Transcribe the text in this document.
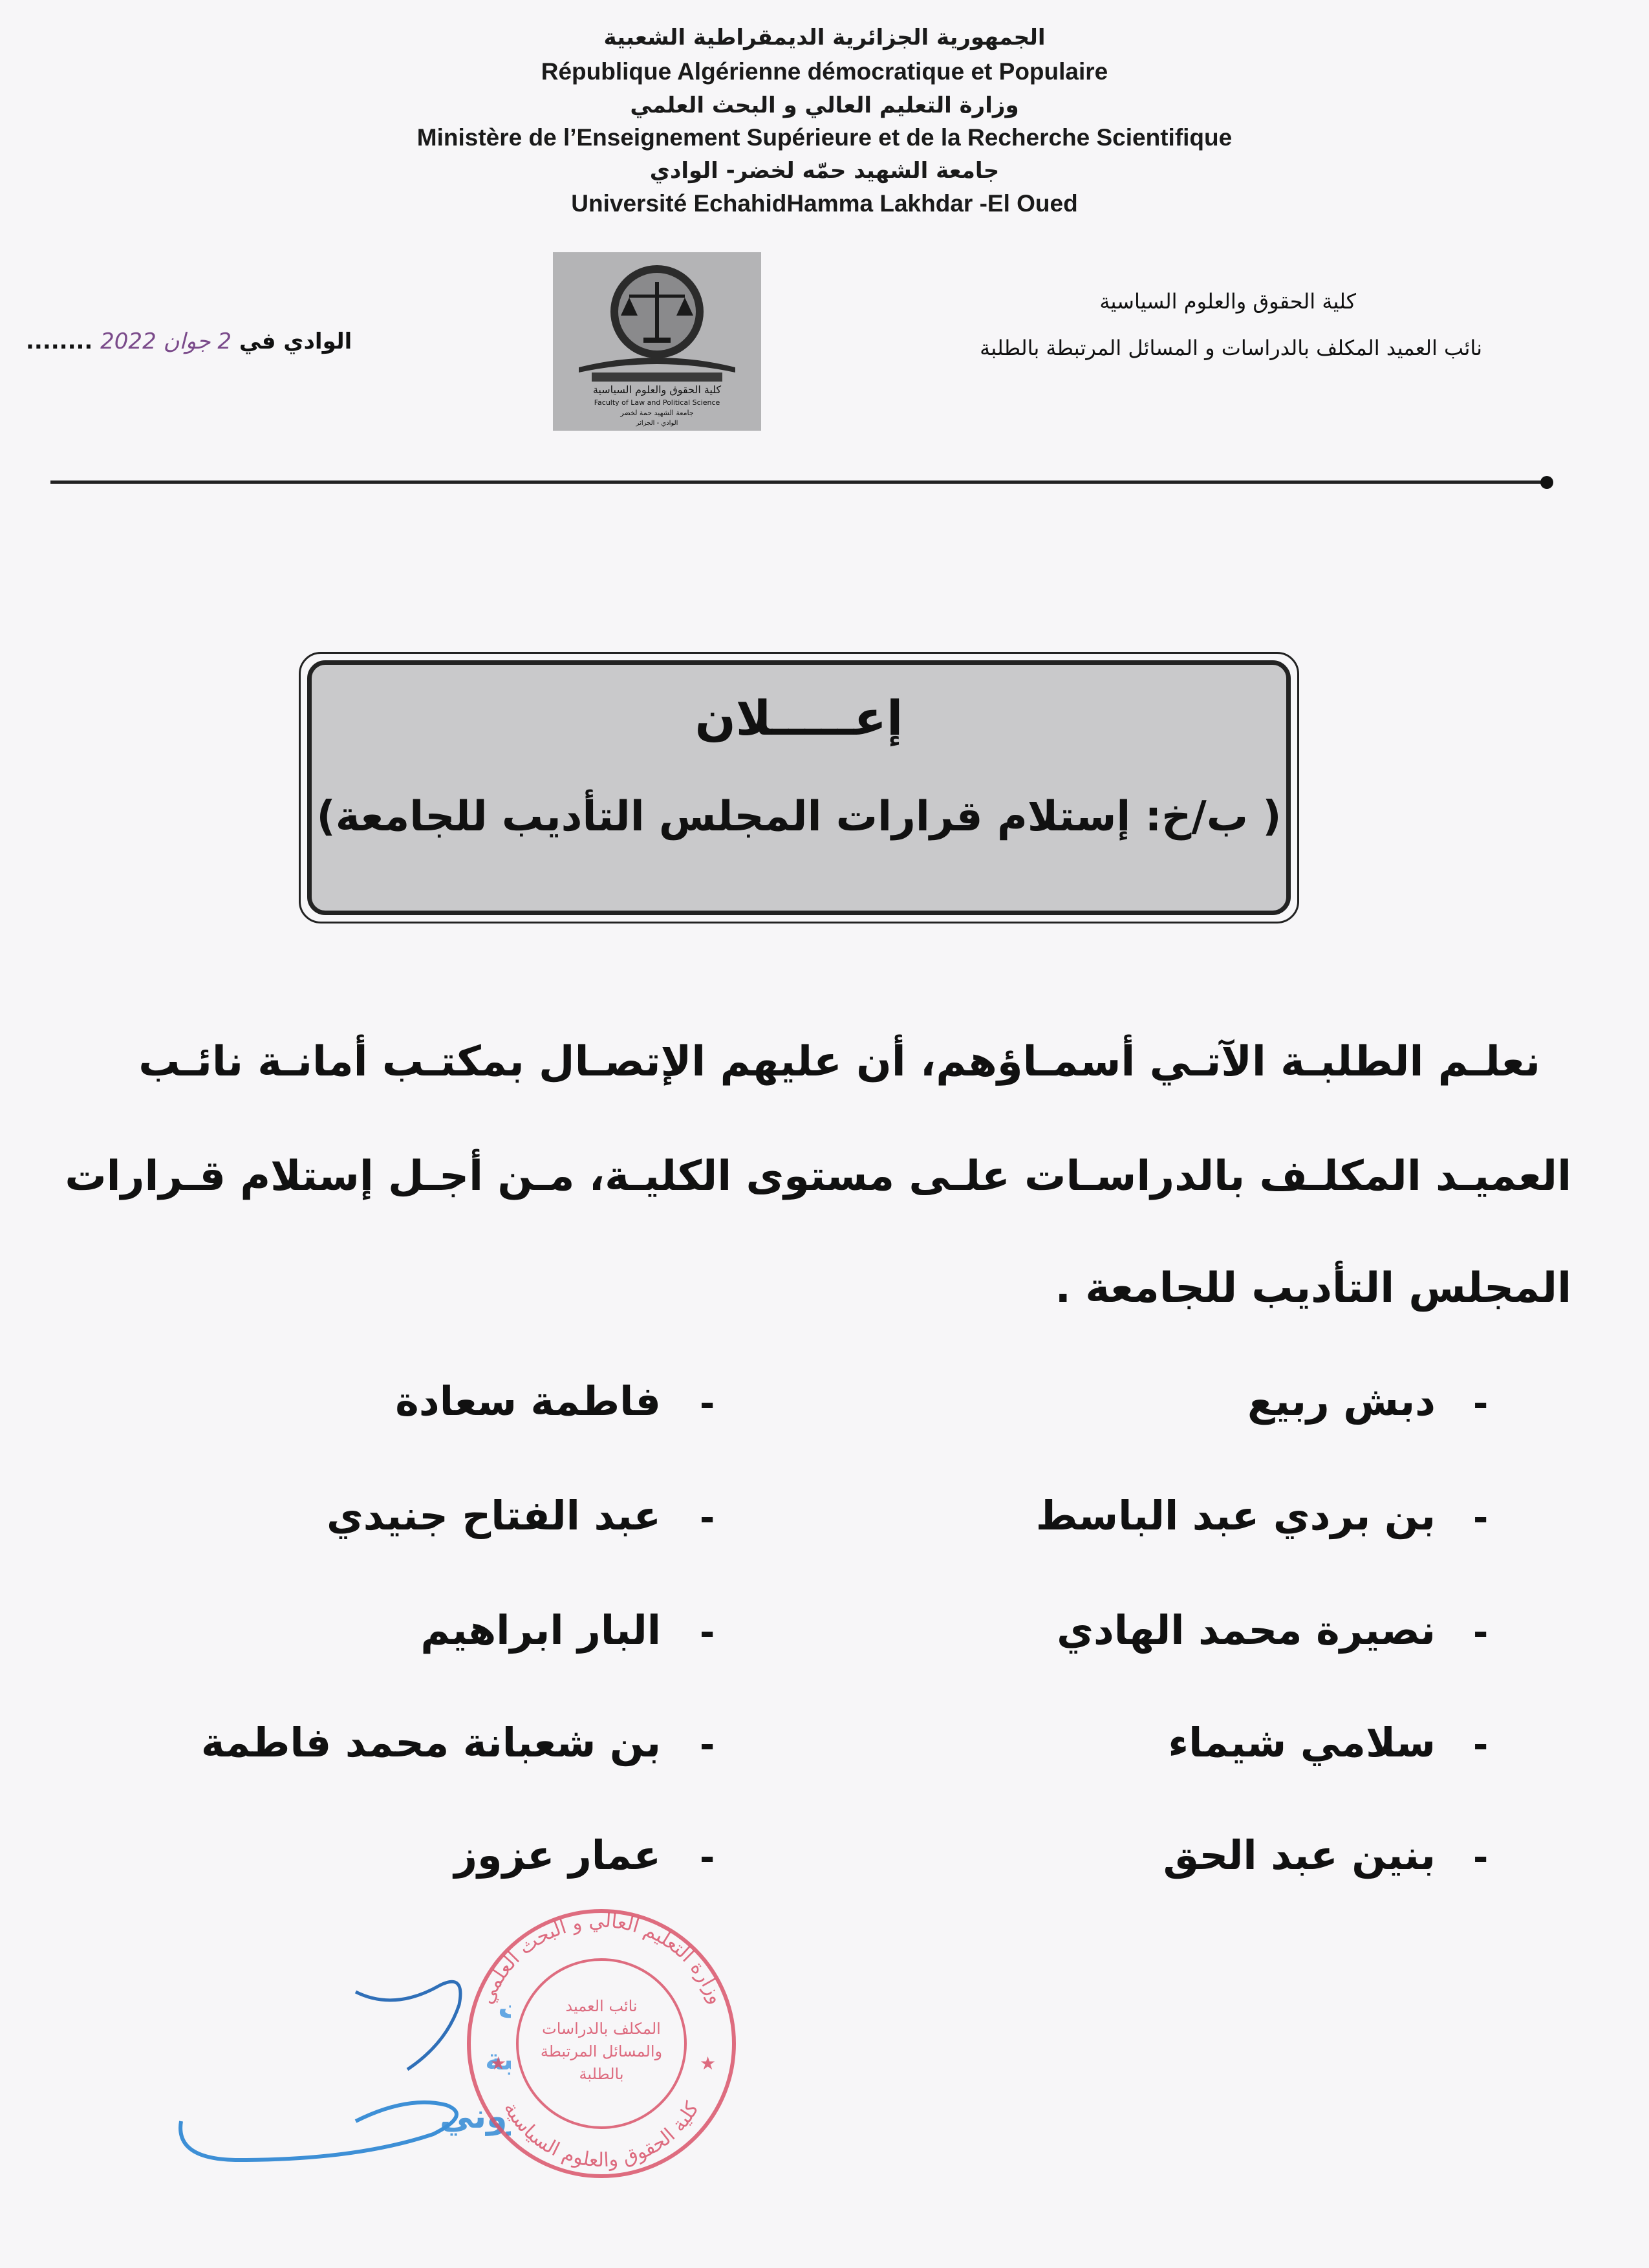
الجمهورية الجزائرية الديمقراطية الشعبية
République Algérienne démocratique et Populaire
وزارة التعليم العالي و البحث العلمي
Ministère de l’Enseignement Supérieure et de la Recherche Scientifique
جامعة الشهيد حمّه لخضر- الوادي
Université EchahidHamma Lakhdar -El Oued
كلية الحقوق والعلوم السياسية
نائب العميد المكلف بالدراسات و المسائل المرتبطة بالطلبة
الوادي في 2 جوان 2022 ........
كلية الحقوق والعلوم السياسية
Faculty of Law and Political Science
جامعة الشهيد حمة لخضر
الوادي - الجزائر
إعـــــلان
( ب/خ: إستلام قرارات المجلس التأديب للجامعة)
نعلـم الطلبـة الآتـي أسمـاؤهم، أن عليهم الإتصـال بمكتـب أمانـة نائـب
العميـد المكلـف بالدراسـات علـى مستوى الكليـة، مـن أجـل إستلام قـرارات
المجلس التأديب للجامعة .
-
دبش ربيع
-
بن بردي عبد الباسط
-
نصيرة محمد الهادي
-
سلامي شيماء
-
بنين عبد الحق
-
فاطمة سعادة
-
عبد الفتاح جنيدي
-
البار ابراهيم
-
بن شعبانة محمد فاطمة
-
عمار عزوز
ة
وني
وزارة التعليم العالي و البحث العلمي
كلية الحقوق والعلوم السياسية
نائب العميد
المكلف بالدراسات
والمسائل المرتبطة
بالطلبة
★	★
